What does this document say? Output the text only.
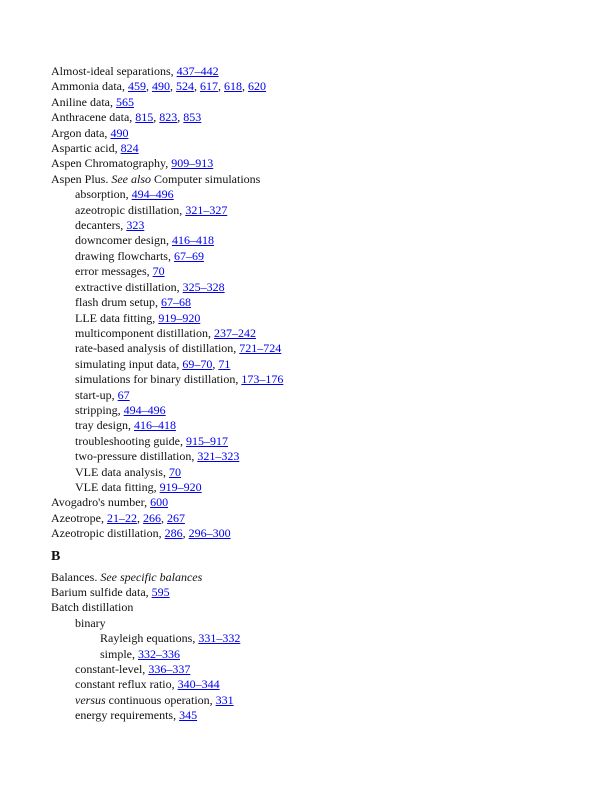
Almost-ideal separations, 437–442
Ammonia data, 459, 490, 524, 617, 618, 620
Aniline data, 565
Anthracene data, 815, 823, 853
Argon data, 490
Aspartic acid, 824
Aspen Chromatography, 909–913
Aspen Plus. See also Computer simulations
absorption, 494–496
azeotropic distillation, 321–327
decanters, 323
downcomer design, 416–418
drawing flowcharts, 67–69
error messages, 70
extractive distillation, 325–328
flash drum setup, 67–68
LLE data fitting, 919–920
multicomponent distillation, 237–242
rate-based analysis of distillation, 721–724
simulating input data, 69–70, 71
simulations for binary distillation, 173–176
start-up, 67
stripping, 494–496
tray design, 416–418
troubleshooting guide, 915–917
two-pressure distillation, 321–323
VLE data analysis, 70
VLE data fitting, 919–920
Avogadro's number, 600
Azeotrope, 21–22, 266, 267
Azeotropic distillation, 286, 296–300
B
Balances. See specific balances
Barium sulfide data, 595
Batch distillation
binary
Rayleigh equations, 331–332
simple, 332–336
constant-level, 336–337
constant reflux ratio, 340–344
versus continuous operation, 331
energy requirements, 345
